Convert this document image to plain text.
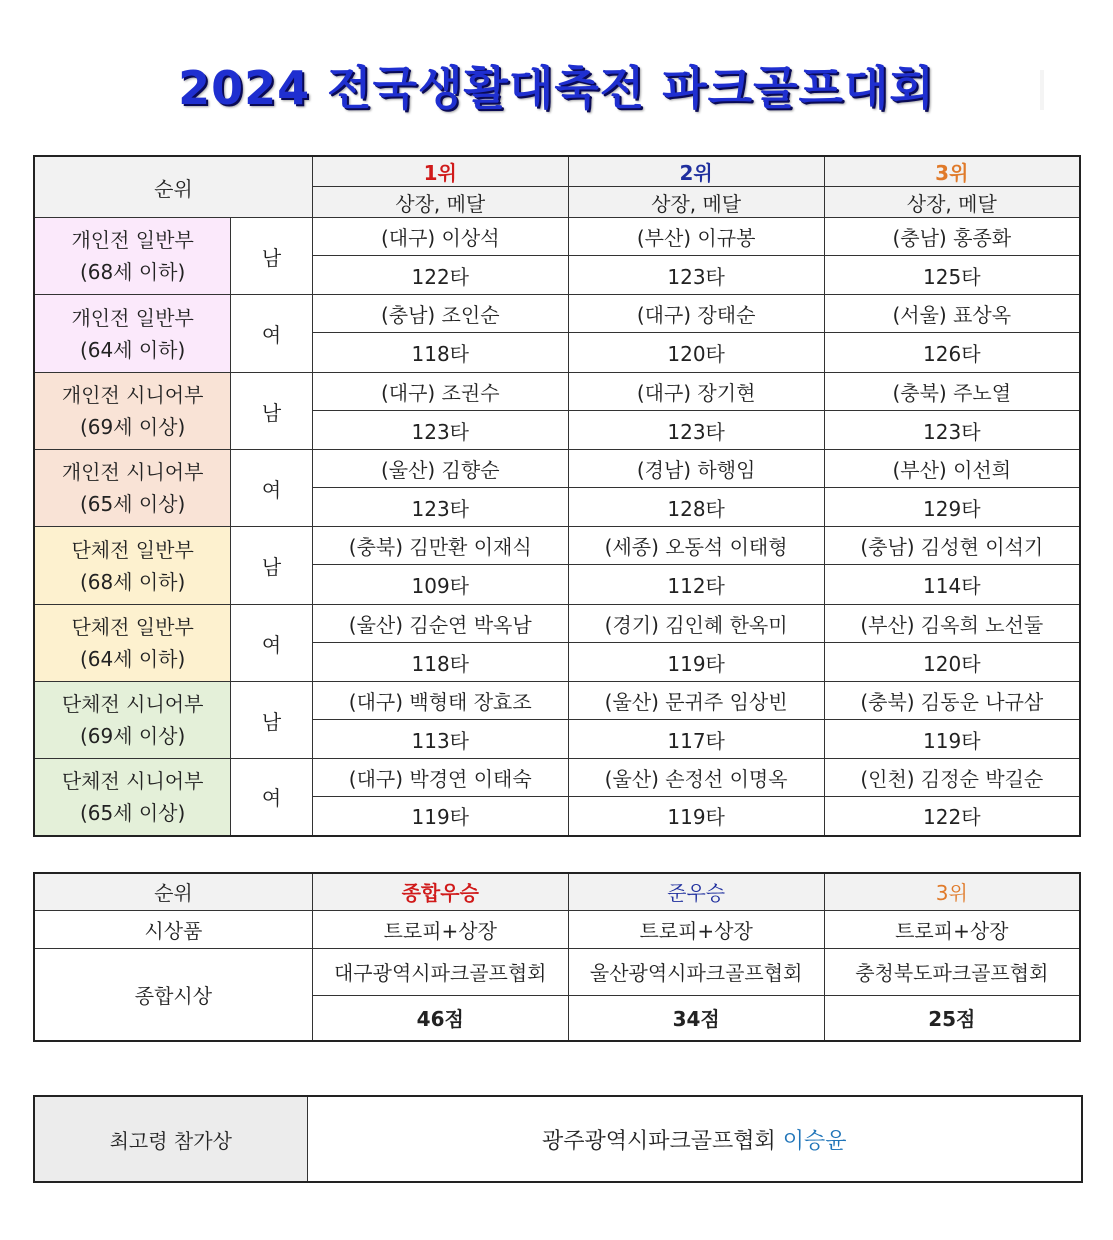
2024 전국생활대축전 파크골프대회
순위		1위	2위	3위
		상장, 메달	상장, 메달	상장, 메달

개인전 일반부
(68세 이하)	남	(대구) 이상석	(부산) 이규봉	(충남) 홍종화
		122타	123타	125타

개인전 일반부
(64세 이하)	여	(충남) 조인순	(대구) 장태순	(서울) 표상옥
		118타	120타	126타

개인전 시니어부
(69세 이상)	남	(대구) 조권수	(대구) 장기현	(충북) 주노열
		123타	123타	123타

개인전 시니어부
(65세 이상)	여	(울산) 김향순	(경남) 하행임	(부산) 이선희
		123타	128타	129타

단체전 일반부
(68세 이하)	남	(충북) 김만환 이재식	(세종) 오동석 이태형	(충남) 김성현 이석기
		109타	112타	114타

단체전 일반부
(64세 이하)	여	(울산) 김순연 박옥남	(경기) 김인혜 한옥미	(부산) 김옥희 노선둘
		118타	119타	120타

단체전 시니어부
(69세 이상)	남	(대구) 백형태 장효조	(울산) 문귀주 임상빈	(충북) 김동운 나규삼
		113타	117타	119타

단체전 시니어부
(65세 이상)	여	(대구) 박경연 이태숙	(울산) 손정선 이명옥	(인천) 김정순 박길순
		119타	119타	122타
순위	종합우승	준우승	3위
시상품	트로피+상장	트로피+상장	트로피+상장
종합시상	대구광역시파크골프협회	울산광역시파크골프협회	충청북도파크골프협회
	46점	34점	25점
최고령 참가상	광주광역시파크골프협회 이승윤
